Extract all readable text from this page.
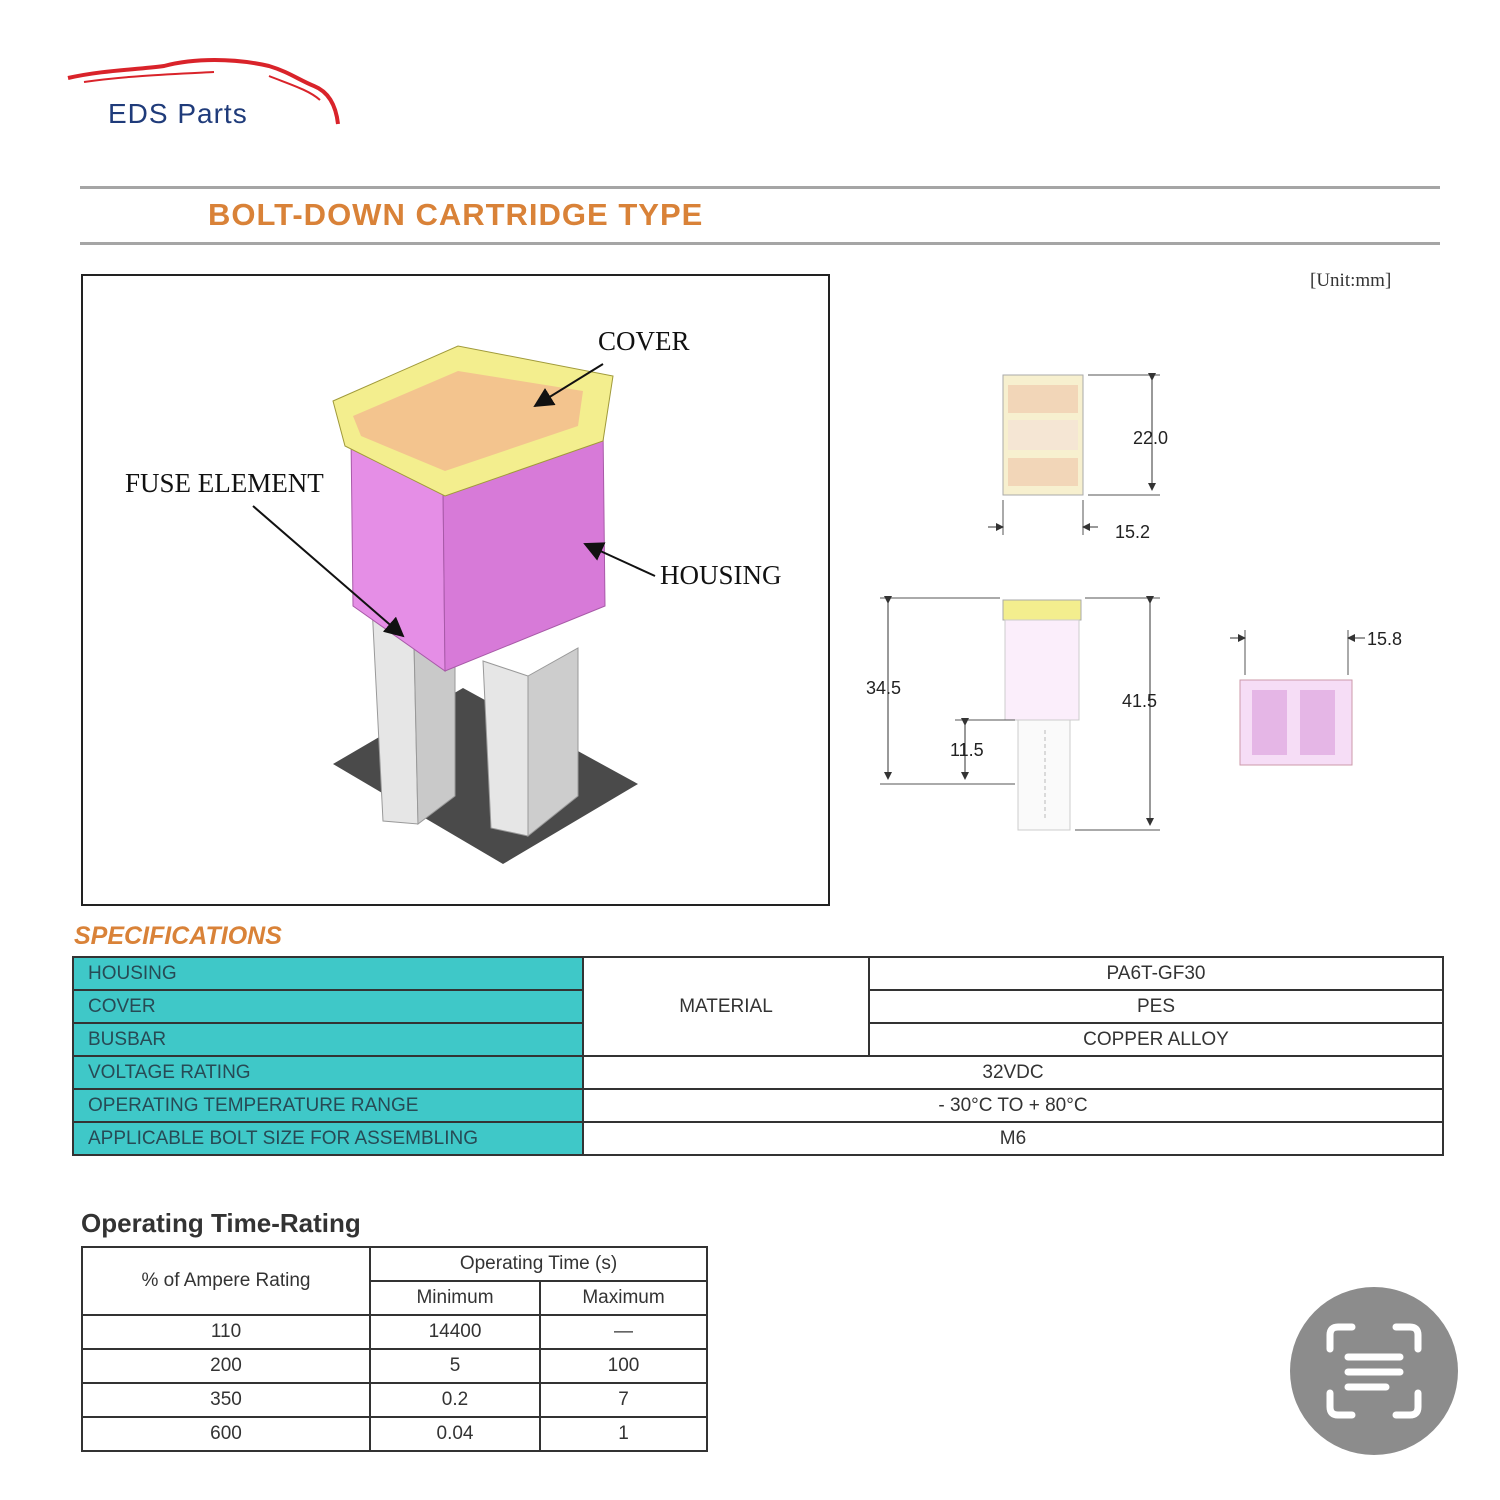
EDS Parts
BOLT-DOWN CARTRIDGE TYPE
[Unit:mm]
COVER
FUSE ELEMENT
HOUSING
22.0
15.2
34.5
41.5
11.5
15.8
SPECIFICATIONS
HOUSING	MATERIAL	PA6T-GF30
COVER		PES
BUSBAR		COPPER ALLOY
VOLTAGE RATING	32VDC	
OPERATING TEMPERATURE RANGE	- 30°C TO + 80°C	
APPLICABLE BOLT SIZE FOR ASSEMBLING	M6	
Operating Time-Rating
% of Ampere Rating	Operating Time (s)	
	Minimum	Maximum
110	14400	—
200	5	100
350	0.2	7
600	0.04	1
